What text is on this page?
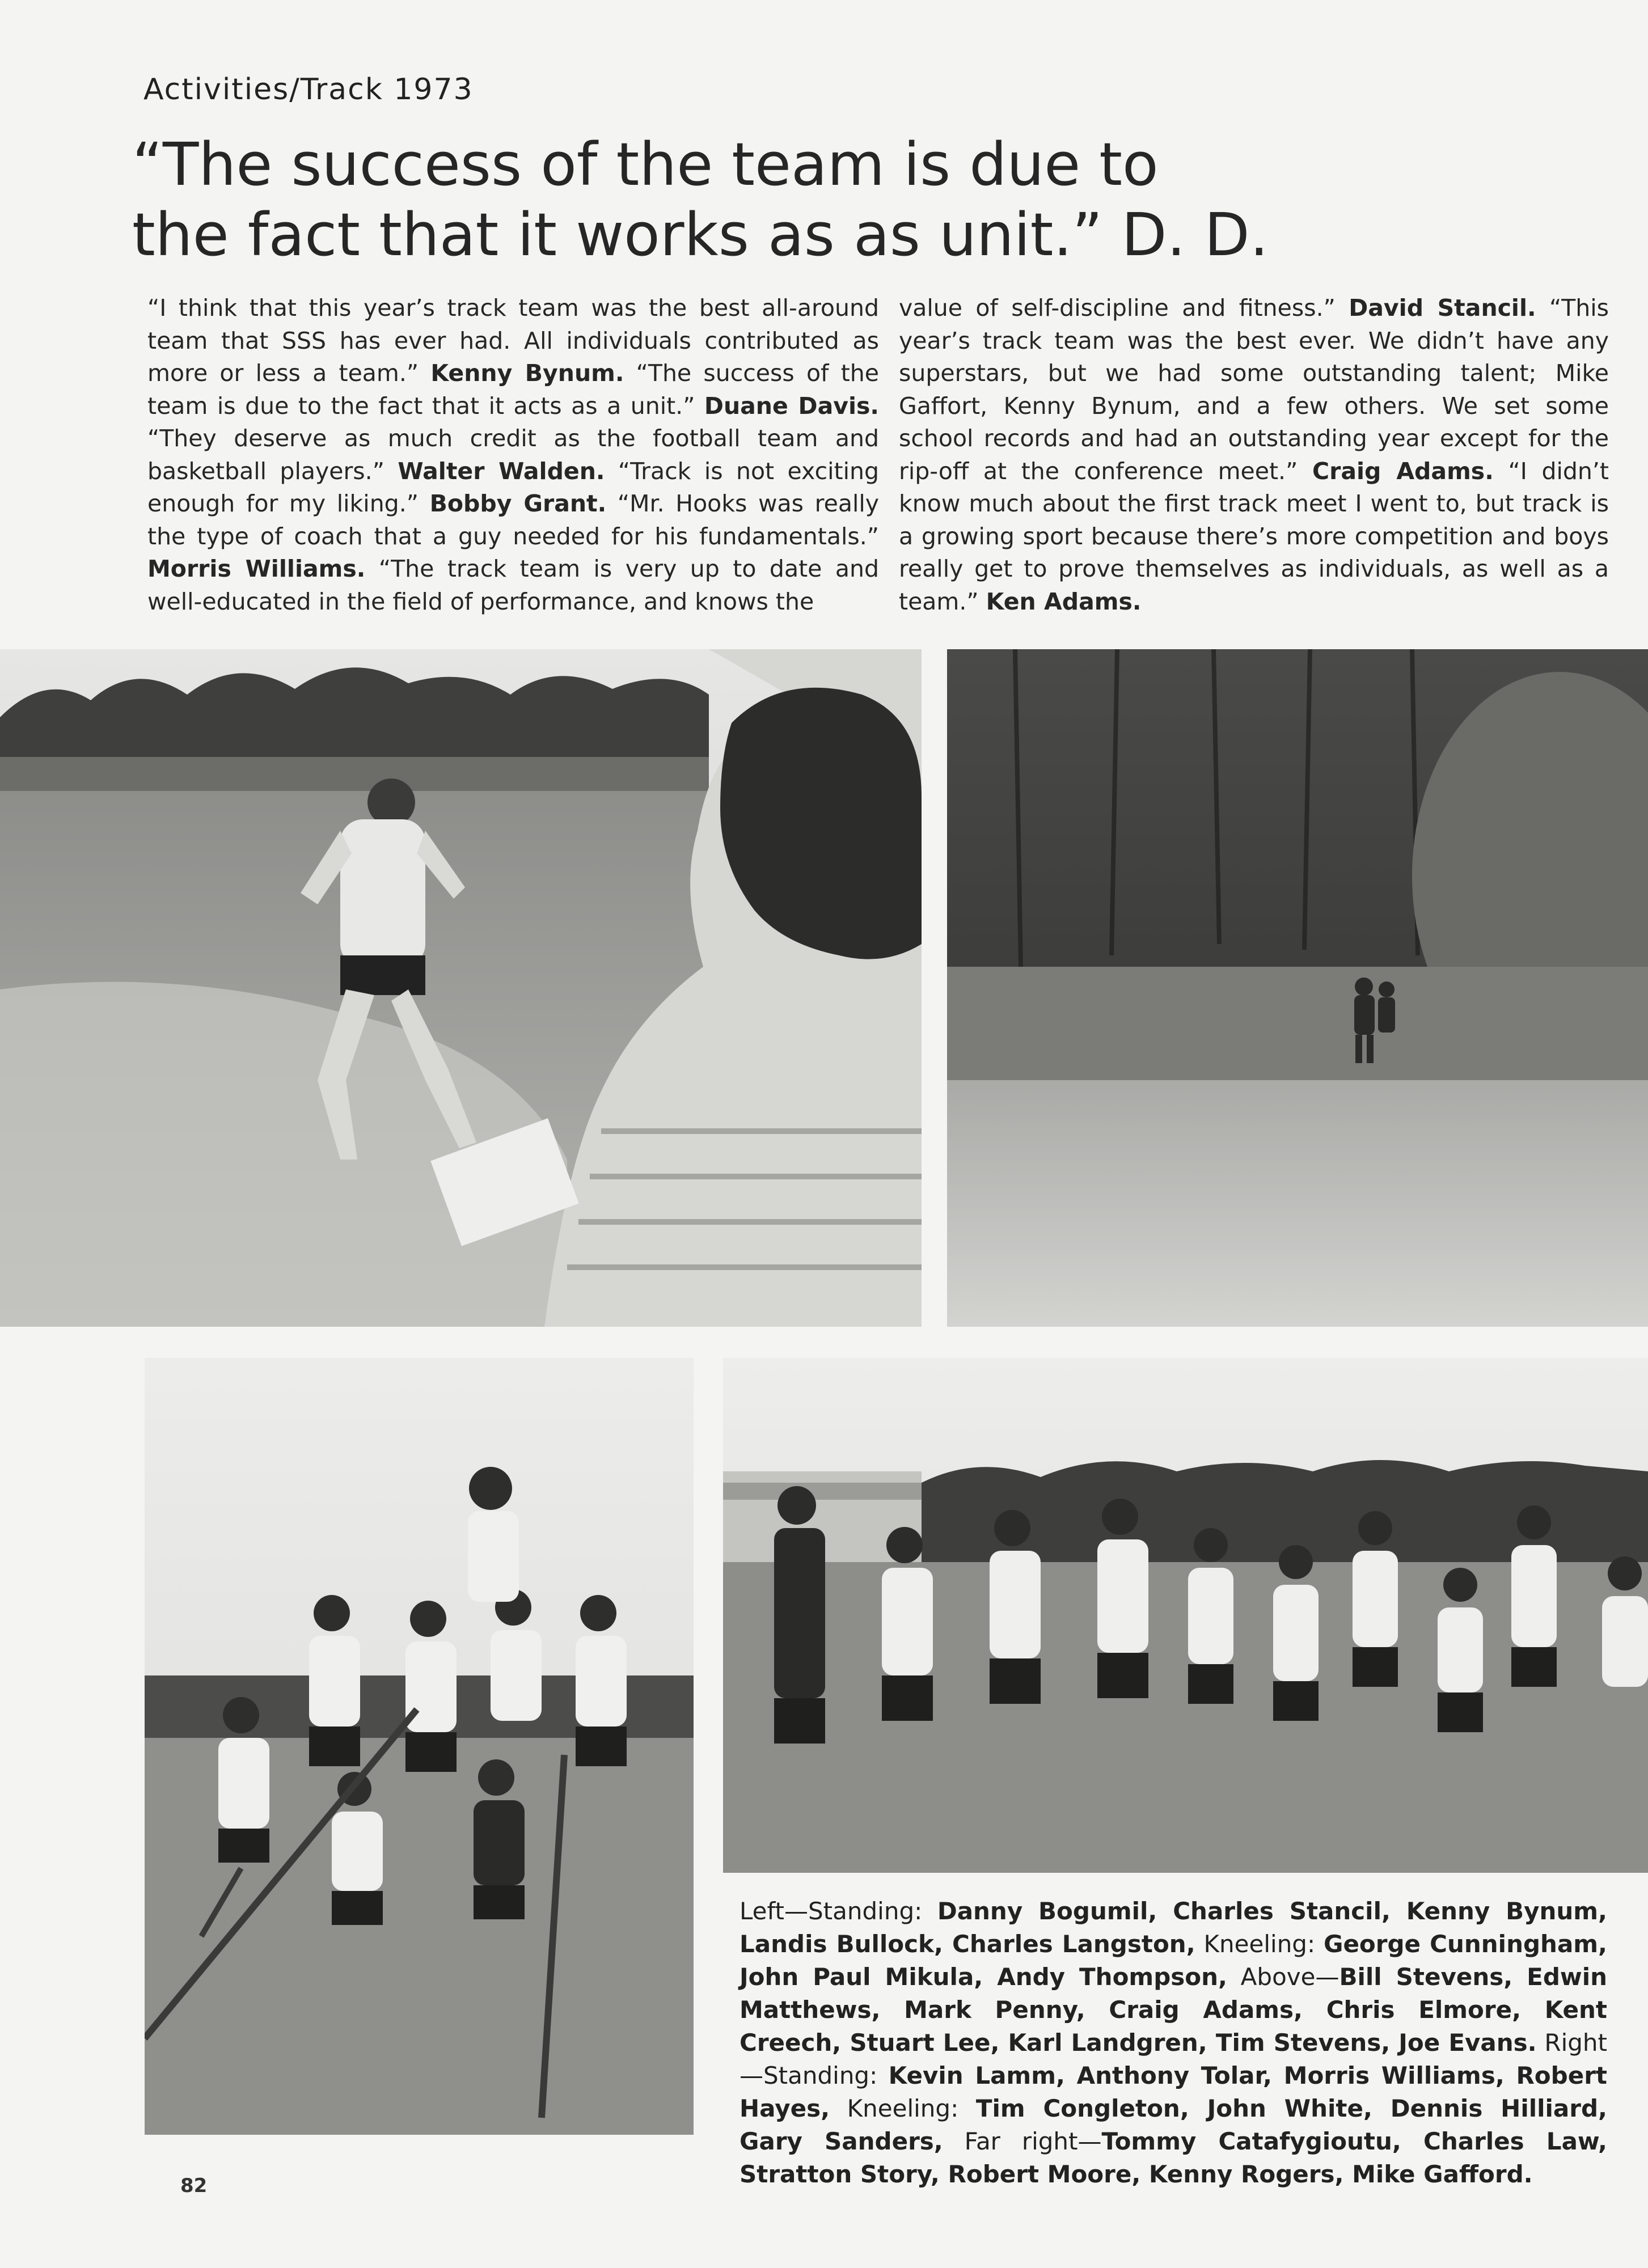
Activities/Track 1973
“The success of the team is due to
the fact that it works as as unit.” D. D.

“I think that this year’s track team was the best all-around team that SSS has ever had. All individuals contributed as more or less a team.” Kenny Bynum. “The success of the team is due to the fact that it acts as a unit.” Duane Davis. “They deserve as much credit as the football team and basketball players.” Walter Walden. “Track is not exciting enough for my liking.” Bobby Grant. “Mr. Hooks was really the type of coach that a guy needed for his fundamentals.” Morris Williams. “The track team is very up to date and well-educated in the field of performance, and knows the

value of self-discipline and fitness.” David Stancil. “This year’s track team was the best ever. We didn’t have any superstars, but we had some outstanding talent; Mike Gaffort, Kenny Bynum, and a few others. We set some school records and had an outstanding year except for the rip-off at the conference meet.” Craig Adams. “I didn’t know much about the first track meet I went to, but track is a growing sport because there’s more competition and boys really get to prove themselves as individuals, as well as a team.” Ken Adams.

Left—Standing: Danny Bogumil, Charles Stancil, Kenny Bynum, Landis Bullock, Charles Langston, Kneeling: George Cunningham, John Paul Mikula, Andy Thompson, Above—Bill Stevens, Edwin Matthews, Mark Penny, Craig Adams, Chris Elmore, Kent Creech, Stuart Lee, Karl Landgren, Tim Stevens, Joe Evans. Right—Standing: Kevin Lamm, Anthony Tolar, Morris Williams, Robert Hayes, Kneeling: Tim Congleton, John White, Dennis Hilliard, Gary Sanders, Far right—Tommy Catafygioutu, Charles Law, Stratton Story, Robert Moore, Kenny Rogers, Mike Gafford.
82
